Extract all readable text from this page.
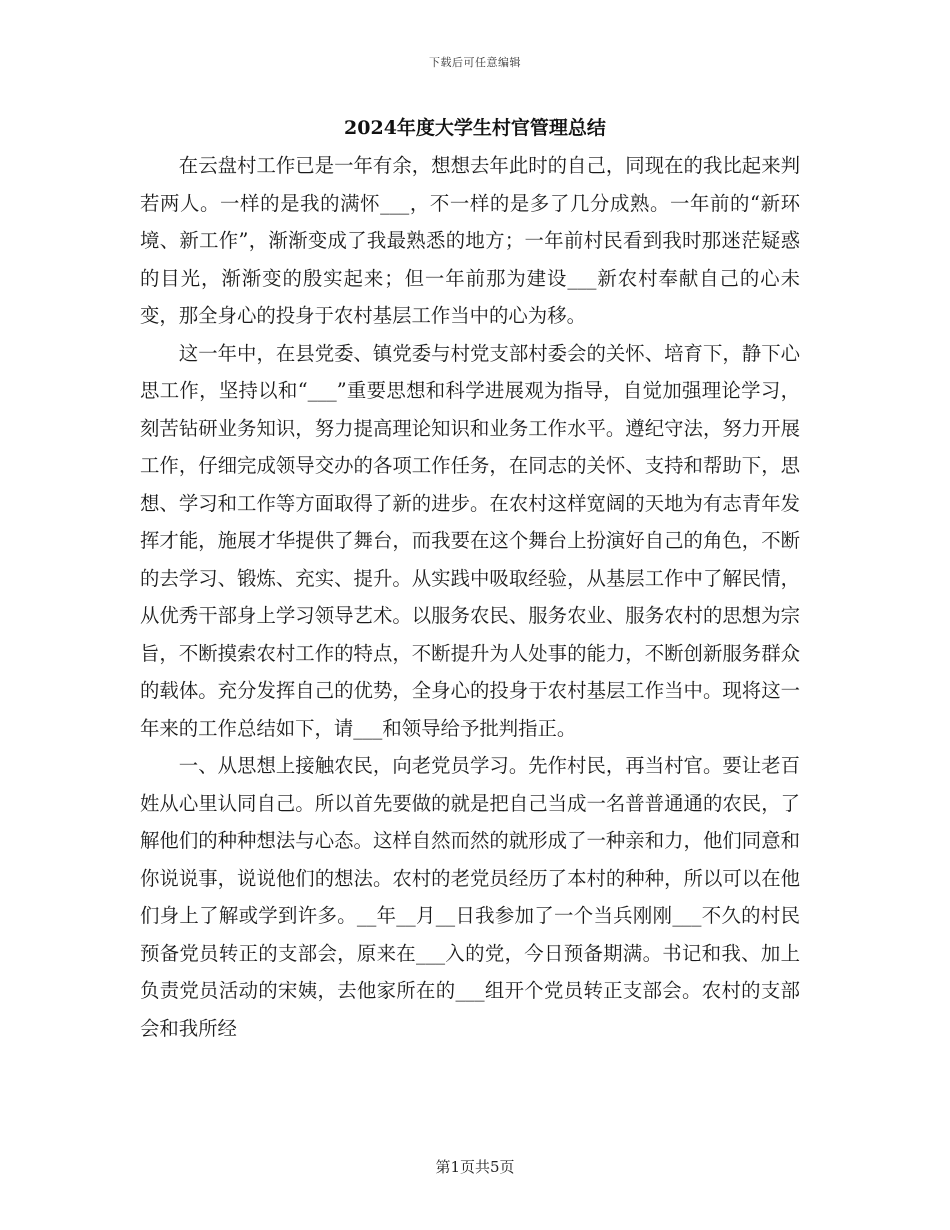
下载后可任意编辑
2024年度大学生村官管理总结

在云盘村工作已是一年有余，想想去年此时的自己，同现在的我比起来判若两人。一样的是我的满怀___，不一样的是多了几分成熟。一年前的“新环境、新工作”，渐渐变成了我最熟悉的地方；一年前村民看到我时那迷茫疑惑的目光，渐渐变的殷实起来；但一年前那为建设___新农村奉献自己的心未变，那全身心的投身于农村基层工作当中的心为移。

这一年中，在县党委、镇党委与村党支部村委会的关怀、培育下，静下心思工作，坚持以和“___”重要思想和科学进展观为指导，自觉加强理论学习，刻苦钻研业务知识，努力提高理论知识和业务工作水平。遵纪守法，努力开展工作，仔细完成领导交办的各项工作任务，在同志的关怀、支持和帮助下，思想、学习和工作等方面取得了新的进步。在农村这样宽阔的天地为有志青年发挥才能，施展才华提供了舞台，而我要在这个舞台上扮演好自己的角色，不断的去学习、锻炼、充实、提升。从实践中吸取经验，从基层工作中了解民情，从优秀干部身上学习领导艺术。以服务农民、服务农业、服务农村的思想为宗旨，不断摸索农村工作的特点，不断提升为人处事的能力，不断创新服务群众的载体。充分发挥自己的优势，全身心的投身于农村基层工作当中。现将这一年来的工作总结如下，请___和领导给予批判指正。

一、从思想上接触农民，向老党员学习。先作村民，再当村官。要让老百姓从心里认同自己。所以首先要做的就是把自己当成一名普普通通的农民，了解他们的种种想法与心态。这样自然而然的就形成了一种亲和力，他们同意和你说说事，说说他们的想法。农村的老党员经历了本村的种种，所以可以在他们身上了解或学到许多。__年__月__日我参加了一个当兵刚刚___不久的村民预备党员转正的支部会，原来在___入的党，今日预备期满。书记和我、加上负责党员活动的宋姨，去他家所在的___组开个党员转正支部会。农村的支部会和我所经

第1页共5页
